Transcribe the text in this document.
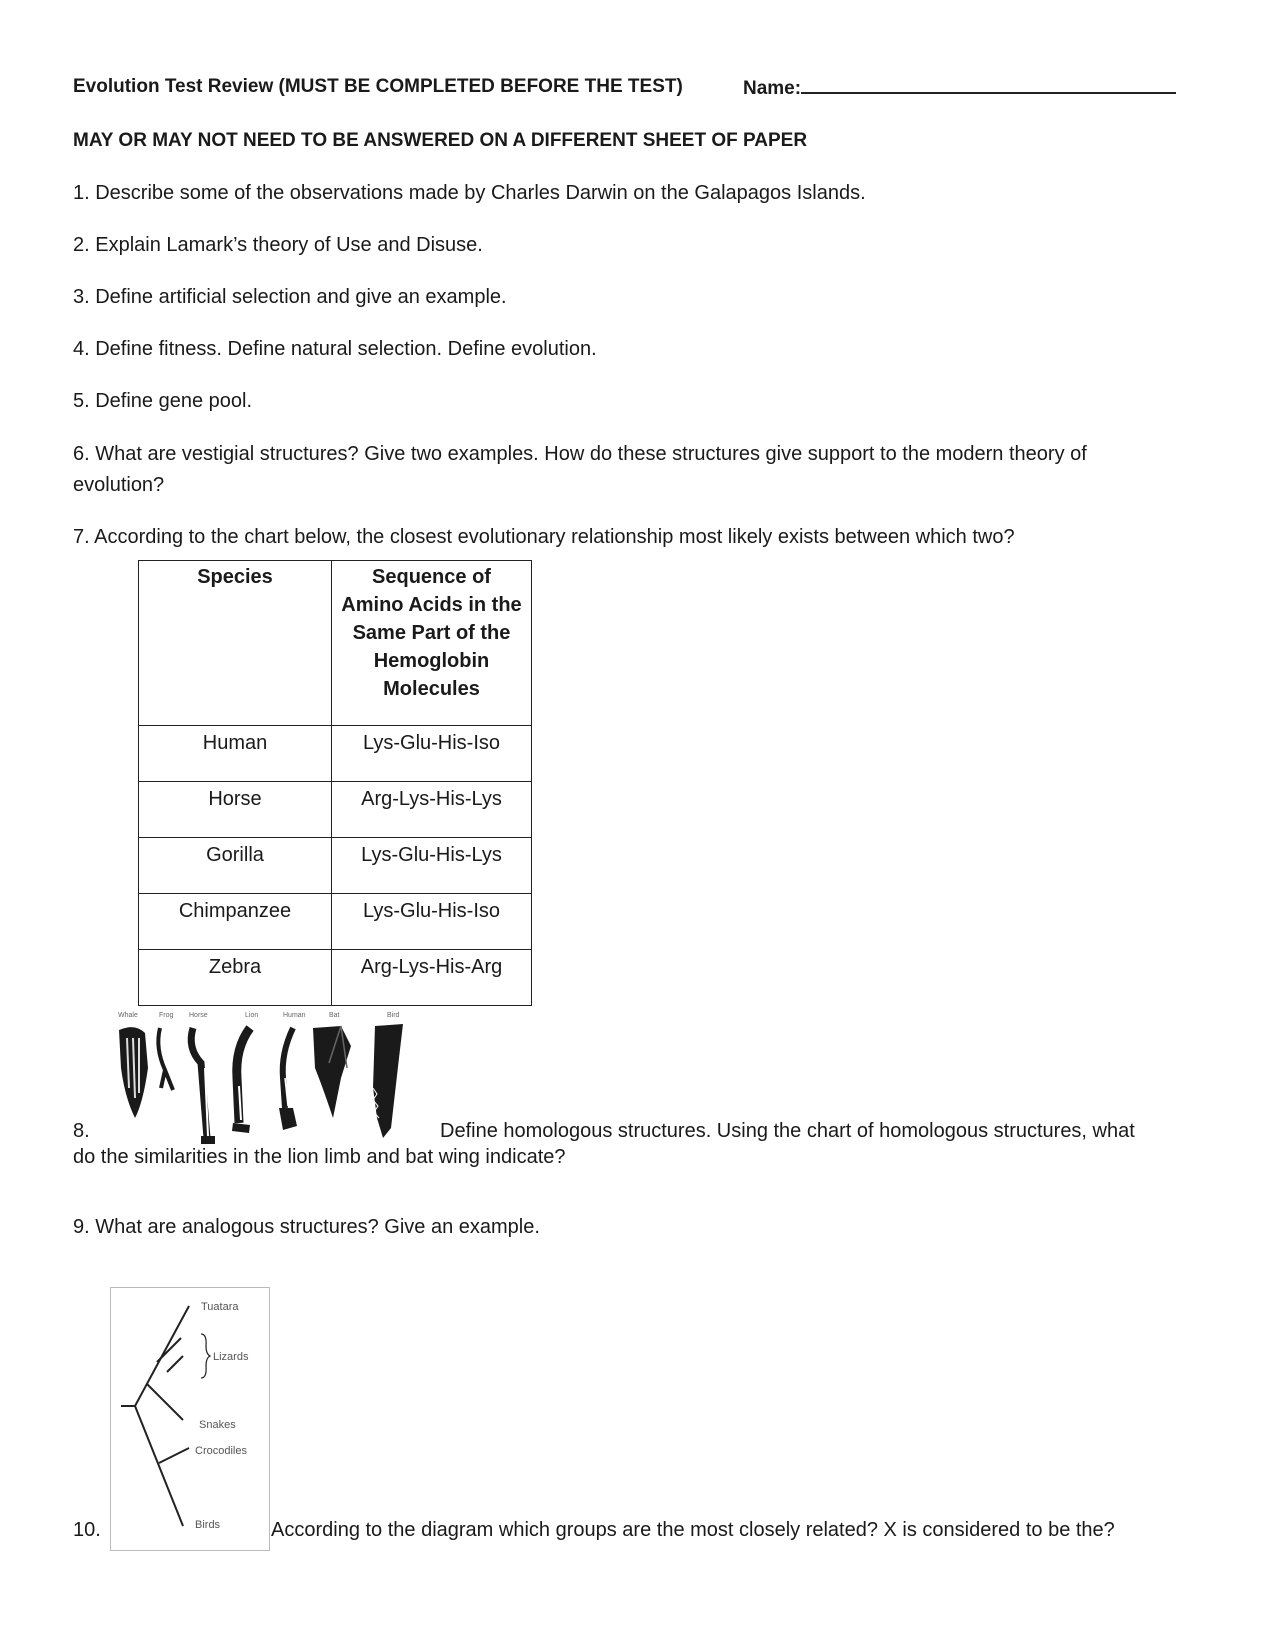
Evolution Test Review (MUST BE COMPLETED BEFORE THE TEST)	Name:
MAY OR MAY NOT NEED TO BE ANSWERED ON A DIFFERENT SHEET OF PAPER
1. Describe some of the observations made by Charles Darwin on the Galapagos Islands.
2. Explain Lamark’s theory of Use and Disuse.
3. Define artificial selection and give an example.
4. Define fitness. Define natural selection. Define evolution.
5. Define gene pool.
6. What are vestigial structures? Give two examples. How do these structures give support to the modern theory of
evolution?
7. According to the chart below, the closest evolutionary relationship most likely exists between which two?
Species	Sequence of
Amino Acids in the
Same Part of the
Hemoglobin
Molecules

Human	Lys-Glu-His-Iso
Horse	Arg-Lys-His-Lys
Gorilla	Lys-Glu-His-Lys
Chimpanzee	Lys-Glu-His-Iso
Zebra	Arg-Lys-His-Arg
Whale	Frog Horse	Lion	Human	Bat	Bird
8.	Define homologous structures. Using the chart of homologous structures, what
do the similarities in the lion limb and bat wing indicate?
9. What are analogous structures? Give an example.
Tuatara
Lizards
Snakes
Crocodiles
Birds
10.	According to the diagram which groups are the most closely related? X is considered to be the?
